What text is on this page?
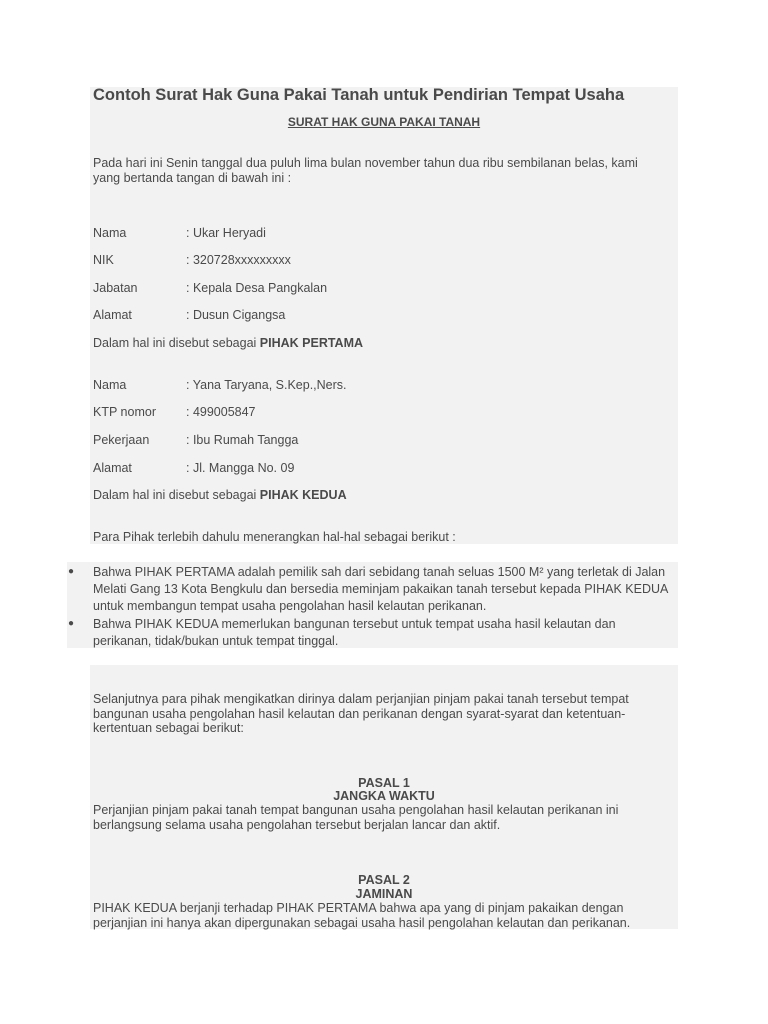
Contoh Surat Hak Guna Pakai Tanah untuk Pendirian Tempat Usaha
SURAT HAK GUNA PAKAI TANAH

Pada hari ini Senin tanggal dua puluh lima bulan november tahun dua ribu sembilanan belas, kami yang bertanda tangan di bawah ini :

Nama	: Ukar Heryadi
NIK	: 320728xxxxxxxxx
Jabatan	: Kepala Desa Pangkalan
Alamat	: Dusun Cigangsa
Dalam hal ini disebut sebagai PIHAK PERTAMA
Nama	: Yana Taryana, S.Kep.,Ners.
KTP nomor : 499005847
Pekerjaan	: Ibu Rumah Tangga
Alamat	: Jl. Mangga No. 09
Dalam hal ini disebut sebagai PIHAK KEDUA

Para Pihak terlebih dahulu menerangkan hal-hal sebagai berikut :

● Bahwa PIHAK PERTAMA adalah pemilik sah dari sebidang tanah seluas 1500 M² yang terletak di Jalan Melati Gang 13 Kota Bengkulu dan bersedia meminjam pakaikan tanah tersebut kepada PIHAK KEDUA untuk membangun tempat usaha pengolahan hasil kelautan perikanan.

● Bahwa PIHAK KEDUA memerlukan bangunan tersebut untuk tempat usaha hasil kelautan dan perikanan, tidak/bukan untuk tempat tinggal.

Selanjutnya para pihak mengikatkan dirinya dalam perjanjian pinjam pakai tanah tersebut tempat bangunan usaha pengolahan hasil kelautan dan perikanan dengan syarat-syarat dan ketentuan-kertentuan sebagai berikut:

PASAL 1
JANGKA WAKTU

Perjanjian pinjam pakai tanah tempat bangunan usaha pengolahan hasil kelautan perikanan ini berlangsung selama usaha pengolahan tersebut berjalan lancar dan aktif.

PASAL 2
JAMINAN

PIHAK KEDUA berjanji terhadap PIHAK PERTAMA bahwa apa yang di pinjam pakaikan dengan perjanjian ini hanya akan dipergunakan sebagai usaha hasil pengolahan kelautan dan perikanan.
